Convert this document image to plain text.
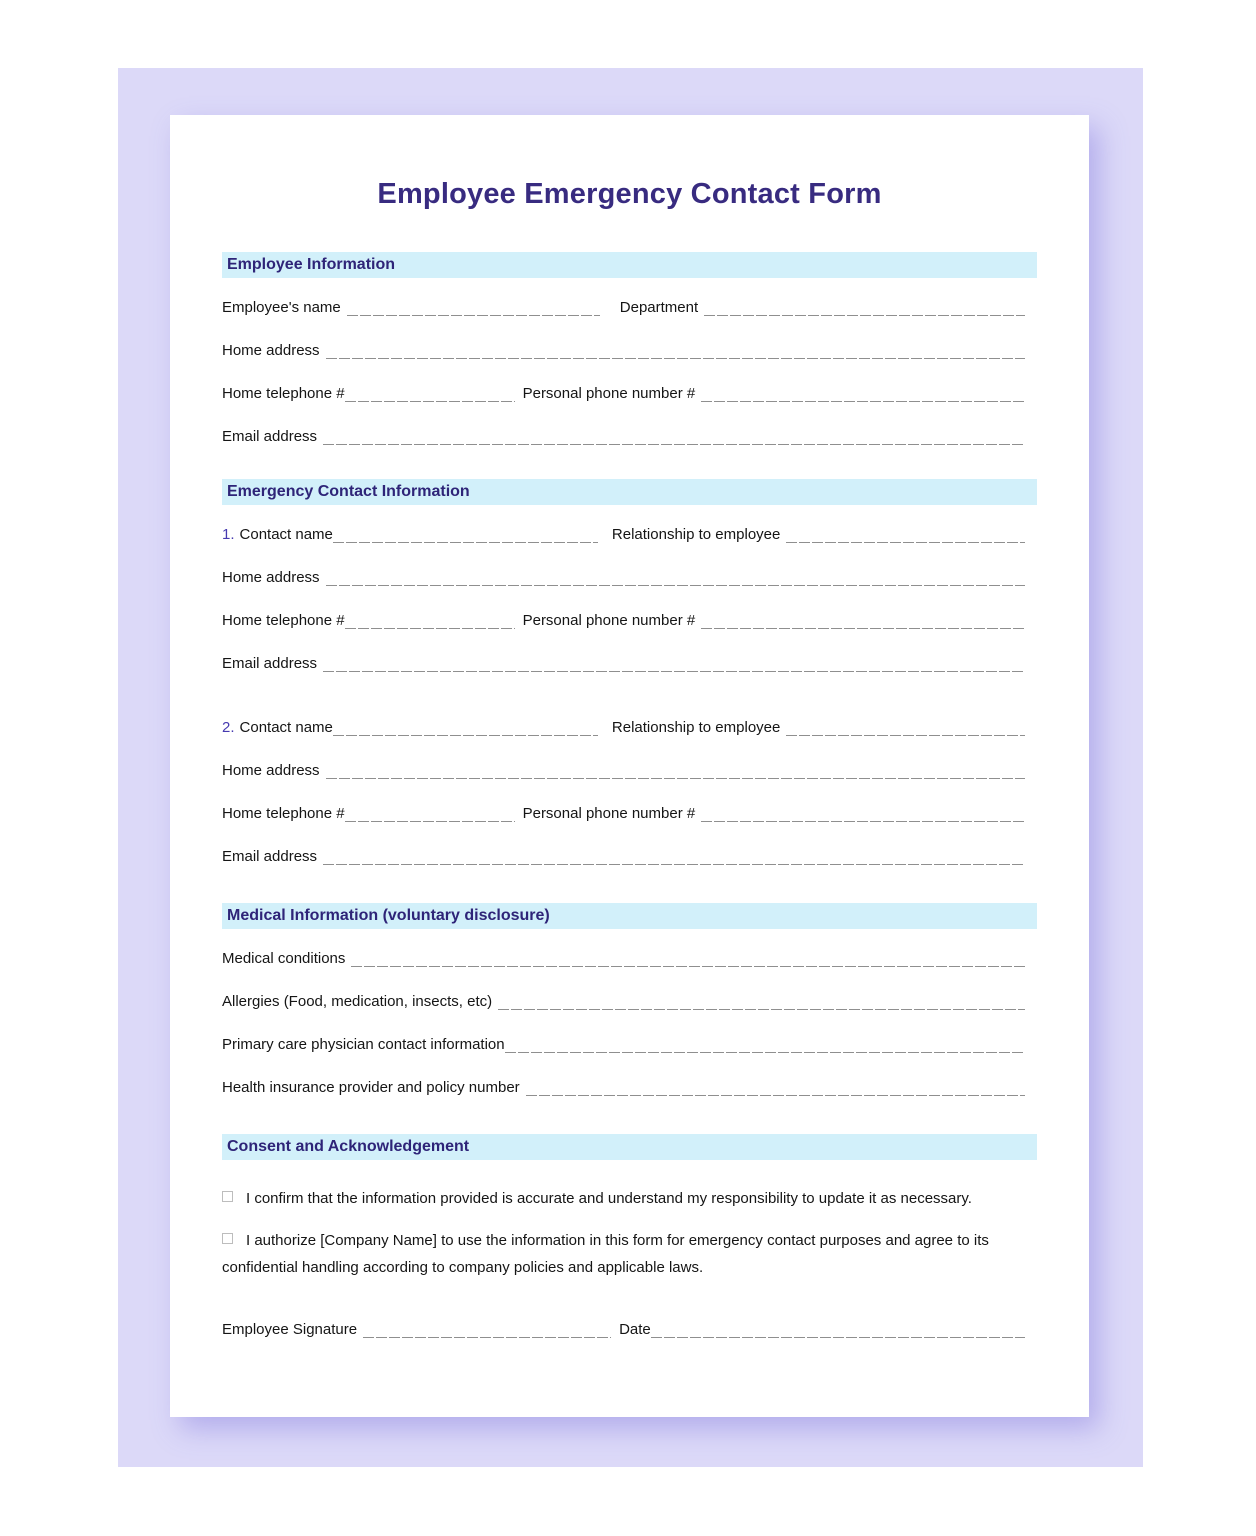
Employee Emergency Contact Form
Employee Information
Employee's name	Department
Home address
Home telephone #	Personal phone number #
Email address
Emergency Contact Information
1. Contact name	Relationship to employee
Home address
Home telephone #	Personal phone number #
Email address
2. Contact name	Relationship to employee
Home address
Home telephone #	Personal phone number #
Email address
Medical Information (voluntary disclosure)
Medical conditions
Allergies (Food, medication, insects, etc)
Primary care physician contact information
Health insurance provider and policy number
Consent and Acknowledgement

I confirm that the information provided is accurate and understand my responsibility to update it as necessary.

I authorize [Company Name] to use the information in this form for emergency contact purposes and agree to its confidential handling according to company policies and applicable laws.

Employee Signature	Date
